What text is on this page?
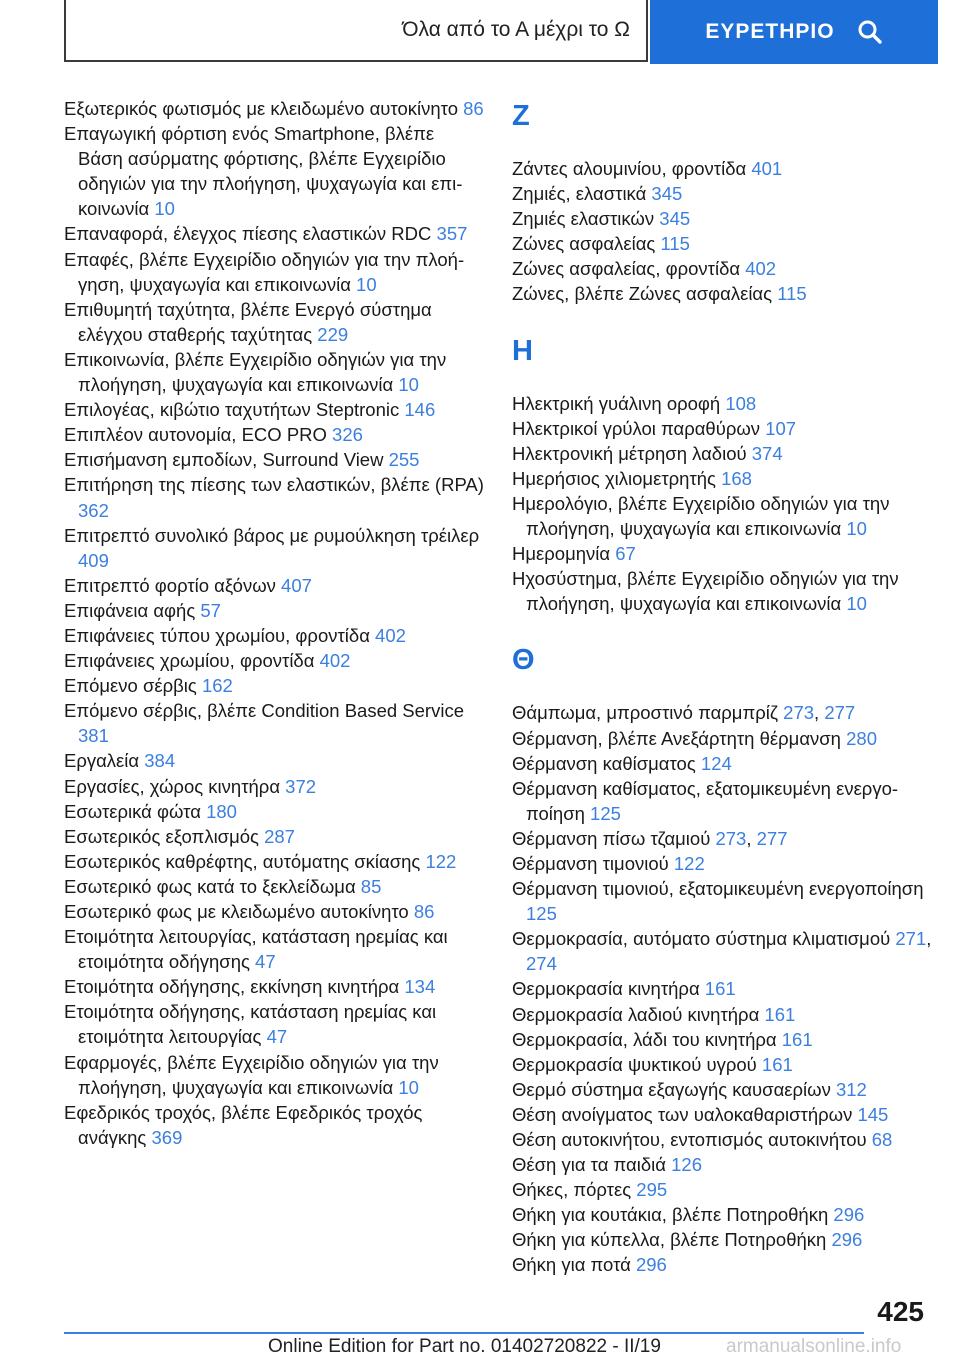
Όλα από το Α μέχρι το Ω	ΕΥΡΕΤΗΡΙΟ
Εξωτερικός φωτισμός με κλειδωμένο αυτοκίνητο 86
Επαγωγική φόρτιση ενός Smartphone, βλέπε Βάση ασύρματης φόρτισης, βλέπε Εγχειρίδιο οδηγιών για την πλοήγηση, ψυχαγωγία και επικοινωνία 10
Επαναφορά, έλεγχος πίεσης ελαστικών RDC 357
Επαφές, βλέπε Εγχειρίδιο οδηγιών για την πλοήγηση, ψυχαγωγία και επικοινωνία 10
Επιθυμητή ταχύτητα, βλέπε Ενεργό σύστημα ελέγχου σταθερής ταχύτητας 229
Επικοινωνία, βλέπε Εγχειρίδιο οδηγιών για την πλοήγηση, ψυχαγωγία και επικοινωνία 10
Επιλογέας, κιβώτιο ταχυτήτων Steptronic 146
Επιπλέον αυτονομία, ECO PRO 326
Επισήμανση εμποδίων, Surround View 255
Επιτήρηση της πίεσης των ελαστικών, βλέπε (RPA) 362
Επιτρεπτό συνολικό βάρος με ρυμούλκηση τρέιλερ 409
Επιτρεπτό φορτίο αξόνων 407
Επιφάνεια αφής 57
Επιφάνειες τύπου χρωμίου, φροντίδα 402
Επιφάνειες χρωμίου, φροντίδα 402
Επόμενο σέρβις 162
Επόμενο σέρβις, βλέπε Condition Based Service 381
Εργαλεία 384
Εργασίες, χώρος κινητήρα 372
Εσωτερικά φώτα 180
Εσωτερικός εξοπλισμός 287
Εσωτερικός καθρέφτης, αυτόματης σκίασης 122
Εσωτερικό φως κατά το ξεκλείδωμα 85
Εσωτερικό φως με κλειδωμένο αυτοκίνητο 86
Ετοιμότητα λειτουργίας, κατάσταση ηρεμίας και ετοιμότητα οδήγησης 47
Ετοιμότητα οδήγησης, εκκίνηση κινητήρα 134
Ετοιμότητα οδήγησης, κατάσταση ηρεμίας και ετοιμότητα λειτουργίας 47
Εφαρμογές, βλέπε Εγχειρίδιο οδηγιών για την πλοήγηση, ψυχαγωγία και επικοινωνία 10
Εφεδρικός τροχός, βλέπε Εφεδρικός τροχός ανάγκης 369
Ζ
Ζάντες αλουμινίου, φροντίδα 401
Ζημιές, ελαστικά 345
Ζημιές ελαστικών 345
Ζώνες ασφαλείας 115
Ζώνες ασφαλείας, φροντίδα 402
Ζώνες, βλέπε Ζώνες ασφαλείας 115
Η
Ηλεκτρική γυάλινη οροφή 108
Ηλεκτρικοί γρύλοι παραθύρων 107
Ηλεκτρονική μέτρηση λαδιού 374
Ημερήσιος χιλιομετρητής 168
Ημερολόγιο, βλέπε Εγχειρίδιο οδηγιών για την πλοήγηση, ψυχαγωγία και επικοινωνία 10
Ημερομηνία 67
Ηχοσύστημα, βλέπε Εγχειρίδιο οδηγιών για την πλοήγηση, ψυχαγωγία και επικοινωνία 10
Θ
Θάμπωμα, μπροστινό παρμπρίζ 273, 277
Θέρμανση, βλέπε Ανεξάρτητη θέρμανση 280
Θέρμανση καθίσματος 124
Θέρμανση καθίσματος, εξατομικευμένη ενεργοποίηση 125
Θέρμανση πίσω τζαμιού 273, 277
Θέρμανση τιμονιού 122
Θέρμανση τιμονιού, εξατομικευμένη ενεργοποίηση 125
Θερμοκρασία, αυτόματο σύστημα κλιματισμού 271, 274
Θερμοκρασία κινητήρα 161
Θερμοκρασία λαδιού κινητήρα 161
Θερμοκρασία, λάδι του κινητήρα 161
Θερμοκρασία ψυκτικού υγρού 161
Θερμό σύστημα εξαγωγής καυσαερίων 312
Θέση ανοίγματος των υαλοκαθαριστήρων 145
Θέση αυτοκινήτου, εντοπισμός αυτοκινήτου 68
Θέση για τα παιδιά 126
Θήκες, πόρτες 295
Θήκη για κουτάκια, βλέπε Ποτηροθήκη 296
Θήκη για κύπελλα, βλέπε Ποτηροθήκη 296
Θήκη για ποτά 296
425
Online Edition for Part no. 01402720822 - II/19	armanualsonline.info
